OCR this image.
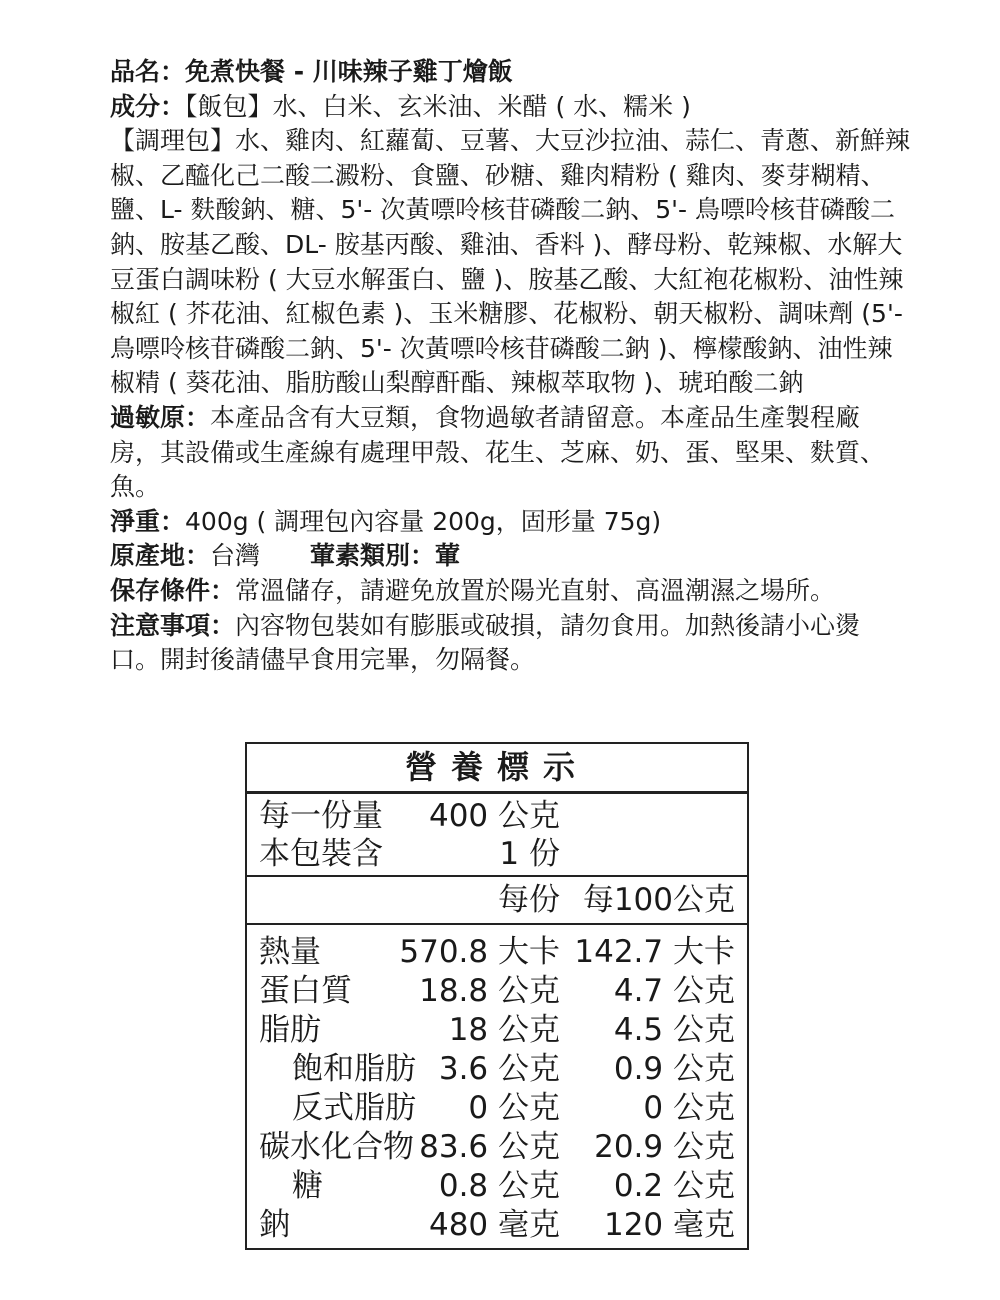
品名：免煮快餐 - 川味辣子雞丁燴飯

成分：【飯包】水、白米、玄米油、米醋 ( 水、糯米 )

【調理包】水、雞肉、紅蘿蔔、豆薯、大豆沙拉油、蒜仁、青蔥、新鮮辣椒、乙醯化己二酸二澱粉、食鹽、砂糖、雞肉精粉 ( 雞肉、麥芽糊精、鹽、L- 麩酸鈉、糖、5'- 次黃嘌呤核苷磷酸二鈉、5'- 鳥嘌呤核苷磷酸二鈉、胺基乙酸、DL- 胺基丙酸、雞油、香料 )、酵母粉、乾辣椒、水解大豆蛋白調味粉 ( 大豆水解蛋白、鹽 )、胺基乙酸、大紅袍花椒粉、油性辣椒紅 ( 芥花油、紅椒色素 )、玉米糖膠、花椒粉、朝天椒粉、調味劑 (5'- 鳥嘌呤核苷磷酸二鈉、5'- 次黃嘌呤核苷磷酸二鈉 )、檸檬酸鈉、油性辣椒精 ( 葵花油、脂肪酸山梨醇酐酯、辣椒萃取物 )、琥珀酸二鈉

過敏原：本產品含有大豆類，食物過敏者請留意。本產品生產製程廠房，其設備或生產線有處理甲殼、花生、芝麻、奶、蛋、堅果、麩質、魚。

淨重：400g ( 調理包內容量 200g，固形量 75g)

原產地：台灣 葷素類別：葷

保存條件：常溫儲存，請避免放置於陽光直射、高溫潮濕之場所。

注意事項：內容物包裝如有膨脹或破損，請勿食用。加熱後請小心燙口。開封後請儘早食用完畢，勿隔餐。

營養標示
每一份量 400 公克
本包裝含	1 份
每份 每100公克
熱量	570.8 大卡 142.7 大卡
蛋白質 18.8 公克 4.7 公克
脂肪	18 公克 4.5 公克
飽和脂肪 3.6 公克 0.9 公克
反式脂肪 0 公克	0 公克
碳水化合物 83.6 公克 20.9 公克
糖	0.8 公克 0.2 公克
鈉	480 毫克 120 毫克
